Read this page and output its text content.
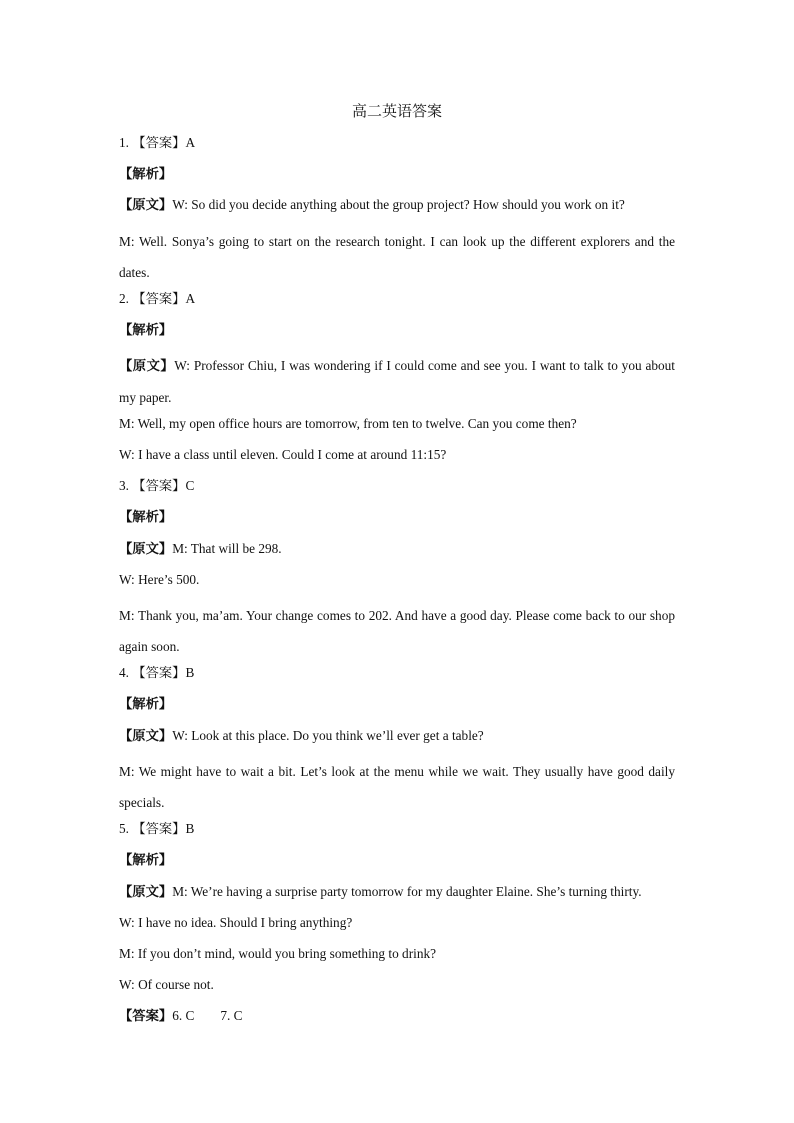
高二英语答案
1. 【答案】A
【解析】
【原文】W: So did you decide anything about the group project? How should you work on it?
M: Well. Sonya’s going to start on the research tonight. I can look up the different explorers and the dates.
2. 【答案】A
【解析】
【原文】W: Professor Chiu, I was wondering if I could come and see you. I want to talk to you about my paper.
M: Well, my open office hours are tomorrow, from ten to twelve. Can you come then?
W: I have a class until eleven. Could I come at around 11:15?
3. 【答案】C
【解析】
【原文】M: That will be 298.
W: Here’s 500.
M: Thank you, ma’am. Your change comes to 202. And have a good day. Please come back to our shop again soon.
4. 【答案】B
【解析】
【原文】W: Look at this place. Do you think we’ll ever get a table?
M: We might have to wait a bit. Let’s look at the menu while we wait. They usually have good daily specials.
5. 【答案】B
【解析】
【原文】M: We’re having a surprise party tomorrow for my daughter Elaine. She’s turning thirty.
W: I have no idea. Should I bring anything?
M: If you don’t mind, would you bring something to drink?
W: Of course not.
【答案】6. C 7. C
